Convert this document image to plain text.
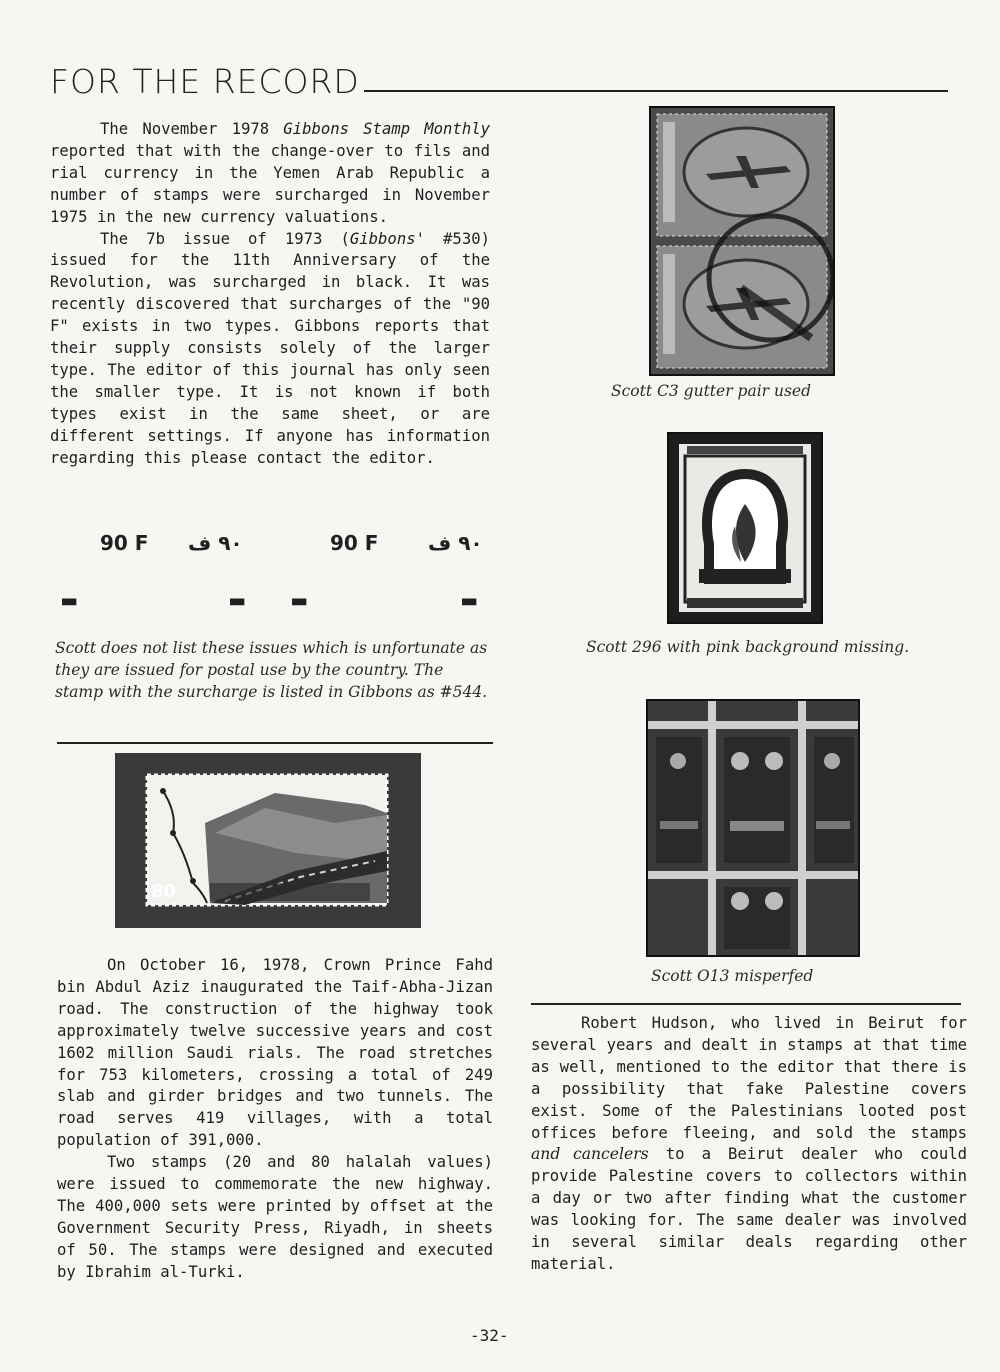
FOR THE RECORD

The November 1978 Gibbons Stamp Monthly reported that with the change-over to fils and rial currency in the Yemen Arab Republic a number of stamps were surcharged in November 1975 in the new currency valuations.

The 7b issue of 1973 (Gibbons' #530) issued for the 11th Anniversary of the Revolution, was surcharged in black. It was recently discovered that surcharges of the "90 F" exists in two types. Gibbons reports that their supply consists solely of the larger type. The editor of this journal has only seen the smaller type. It is not known if both types exist in the same sheet, or are different settings. If anyone has information regarding this please contact the editor.

90 F ٩٠ ف	90 F ٩٠ ف
▬	▬ ▬	▬
Scott does not list these issues which is unfortunate as they are issued for postal use by the country. The stamp with the surcharge is listed in Gibbons as #544.
80

On October 16, 1978, Crown Prince Fahd bin Abdul Aziz inaugurated the Taif-Abha-Jizan road. The construction of the highway took approximately twelve successive years and cost 1602 million Saudi rials. The road stretches for 753 kilometers, crossing a total of 249 slab and girder bridges and two tunnels. The road serves 419 villages, with a total population of 391,000.

Two stamps (20 and 80 halalah values) were issued to commemorate the new highway. The 400,000 sets were printed by offset at the Government Security Press, Riyadh, in sheets of 50. The stamps were designed and executed by Ibrahim al-Turki.

Scott C3 gutter pair used
Scott 296 with pink background missing.
Scott O13 misperfed

Robert Hudson, who lived in Beirut for several years and dealt in stamps at that time as well, mentioned to the editor that there is a possibility that fake Palestine covers exist. Some of the Palestinians looted post offices before fleeing, and sold the stamps and cancelers to a Beirut dealer who could provide Palestine covers to collectors within a day or two after finding what the customer was looking for. The same dealer was involved in several similar deals regarding other material.

-32-
